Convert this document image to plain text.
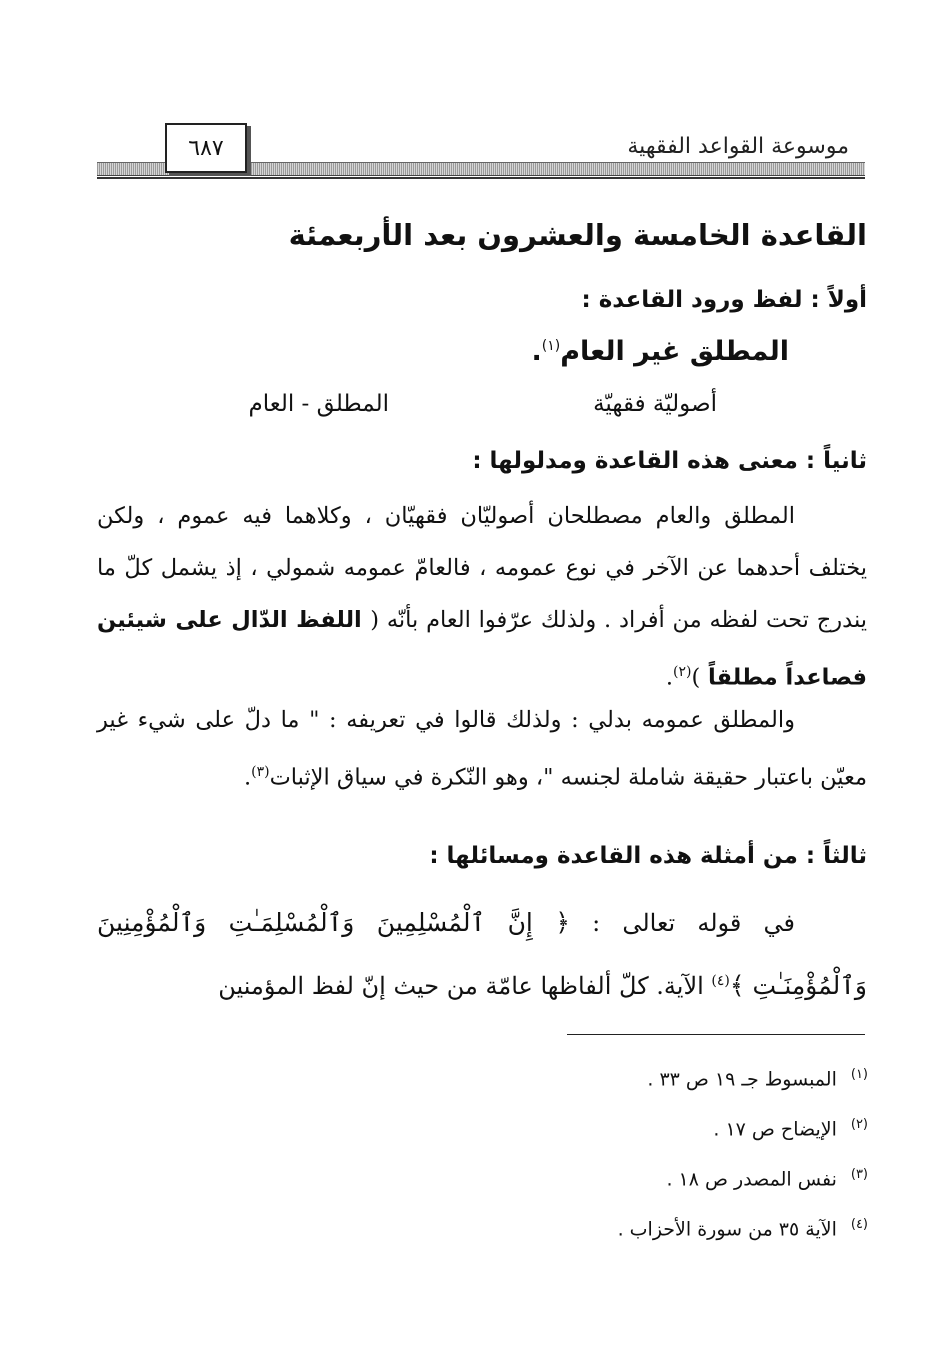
موسوعة القواعد الفقهية
٦٨٧
القاعدة الخامسة والعشرون بعد الأربعمئة
أولاً : لفظ ورود القاعدة :
المطلق غير العام$^{(١)}$.
أصوليّة فقهيّة
المطلق - العام
ثانياً : معنى هذه القاعدة ومدلولها :
المطلق والعام مصطلحان أصوليّان فقهيّان ، وكلاهما فيه عموم ، ولكن يختلف أحدهما عن الآخر في نوع عمومه ، فالعامّ عمومه شمولي ، إذ يشمل كلّ ما يندرج تحت لفظه من أفراد . ولذلك عرّفوا العام بأنّه ( اللفظ الدّال على شيئين فصاعداً مطلقاً )$^{(٢)}$.
والمطلق عمومه بدلي : ولذلك قالوا في تعريفه : " ما دلّ على شيء غير معيّن باعتبار حقيقة شاملة لجنسه "، وهو النّكرة في سياق الإثبات$^{(٣)}$.
ثالثاً : من أمثلة هذه القاعدة ومسائلها :
في قوله تعالى : ﴿ إِنَّ ٱلْمُسْلِمِينَ وَٱلْمُسْلِمَـٰتِ وَٱلْمُؤْمِنِينَ وَٱلْمُؤْمِنَـٰتِ ﴾$^{(٤)}$ الآية. كلّ ألفاظها عامّة من حيث إنّ لفظ المؤمنين
(١)المبسوط جـ ١٩ ص ٣٣ .
(٢)الإيضاح ص ١٧ .
(٣)نفس المصدر ص ١٨ .
(٤)الآية ٣٥ من سورة الأحزاب .
